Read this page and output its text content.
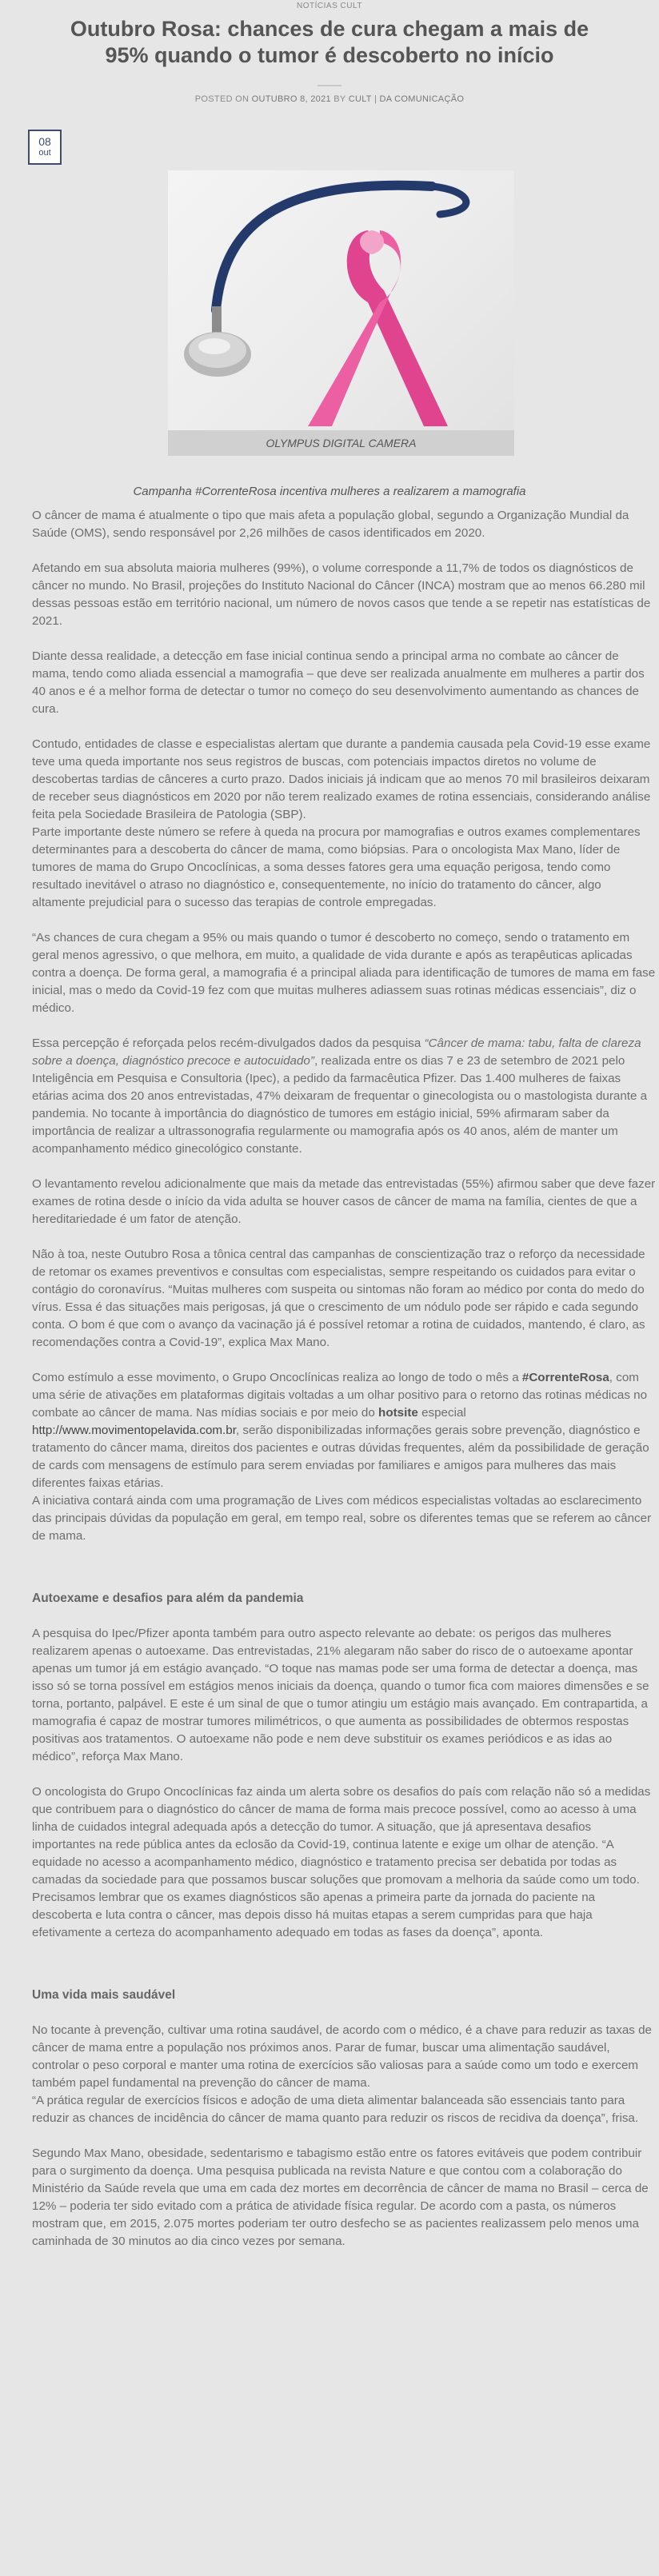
NOTÍCIAS CULT
Outubro Rosa: chances de cura chegam a mais de 95% quando o tumor é descoberto no início
POSTED ON OUTUBRO 8, 2021 BY CULT | DA COMUNICAÇÃO
08
out
OLYMPUS DIGITAL CAMERA
Campanha #CorrenteRosa incentiva mulheres a realizarem a mamografia

O câncer de mama é atualmente o tipo que mais afeta a população global, segundo a Organização Mundial da Saúde (OMS), sendo responsável por 2,26 milhões de casos identificados em 2020.

Afetando em sua absoluta maioria mulheres (99%), o volume corresponde a 11,7% de todos os diagnósticos de câncer no mundo. No Brasil, projeções do Instituto Nacional do Câncer (INCA) mostram que ao menos 66.280 mil dessas pessoas estão em território nacional, um número de novos casos que tende a se repetir nas estatísticas de 2021.

Diante dessa realidade, a detecção em fase inicial continua sendo a principal arma no combate ao câncer de mama, tendo como aliada essencial a mamografia – que deve ser realizada anualmente em mulheres a partir dos 40 anos e é a melhor forma de detectar o tumor no começo do seu desenvolvimento aumentando as chances de cura.

Contudo, entidades de classe e especialistas alertam que durante a pandemia causada pela Covid-19 esse exame teve uma queda importante nos seus registros de buscas, com potenciais impactos diretos no volume de descobertas tardias de cânceres a curto prazo. Dados iniciais já indicam que ao menos 70 mil brasileiros deixaram de receber seus diagnósticos em 2020 por não terem realizado exames de rotina essenciais, considerando análise feita pela Sociedade Brasileira de Patologia (SBP).

Parte importante deste número se refere à queda na procura por mamografias e outros exames complementares determinantes para a descoberta do câncer de mama, como biópsias. Para o oncologista Max Mano, líder de tumores de mama do Grupo Oncoclínicas, a soma desses fatores gera uma equação perigosa, tendo como resultado inevitável o atraso no diagnóstico e, consequentemente, no início do tratamento do câncer, algo altamente prejudicial para o sucesso das terapias de controle empregadas.

“As chances de cura chegam a 95% ou mais quando o tumor é descoberto no começo, sendo o tratamento em geral menos agressivo, o que melhora, em muito, a qualidade de vida durante e após as terapêuticas aplicadas contra a doença. De forma geral, a mamografia é a principal aliada para identificação de tumores de mama em fase inicial, mas o medo da Covid-19 fez com que muitas mulheres adiassem suas rotinas médicas essenciais”, diz o médico.

Essa percepção é reforçada pelos recém-divulgados dados da pesquisa “Câncer de mama: tabu, falta de clareza sobre a doença, diagnóstico precoce e autocuidado”, realizada entre os dias 7 e 23 de setembro de 2021 pelo Inteligência em Pesquisa e Consultoria (Ipec), a pedido da farmacêutica Pfizer. Das 1.400 mulheres de faixas etárias acima dos 20 anos entrevistadas, 47% deixaram de frequentar o ginecologista ou o mastologista durante a pandemia. No tocante à importância do diagnóstico de tumores em estágio inicial, 59% afirmaram saber da importância de realizar a ultrassonografia regularmente ou mamografia após os 40 anos, além de manter um acompanhamento médico ginecológico constante.

O levantamento revelou adicionalmente que mais da metade das entrevistadas (55%) afirmou saber que deve fazer exames de rotina desde o início da vida adulta se houver casos de câncer de mama na família, cientes de que a hereditariedade é um fator de atenção.

Não à toa, neste Outubro Rosa a tônica central das campanhas de conscientização traz o reforço da necessidade de retomar os exames preventivos e consultas com especialistas, sempre respeitando os cuidados para evitar o contágio do coronavírus. “Muitas mulheres com suspeita ou sintomas não foram ao médico por conta do medo do vírus. Essa é das situações mais perigosas, já que o crescimento de um nódulo pode ser rápido e cada segundo conta. O bom é que com o avanço da vacinação já é possível retomar a rotina de cuidados, mantendo, é claro, as recomendações contra a Covid-19”, explica Max Mano.

Como estímulo a esse movimento, o Grupo Oncoclínicas realiza ao longo de todo o mês a #CorrenteRosa, com uma série de ativações em plataformas digitais voltadas a um olhar positivo para o retorno das rotinas médicas no combate ao câncer de mama. Nas mídias sociais e por meio do hotsite especial http://www.movimentopelavida.com.br, serão disponibilizadas informações gerais sobre prevenção, diagnóstico e tratamento do câncer mama, direitos dos pacientes e outras dúvidas frequentes, além da possibilidade de geração de cards com mensagens de estímulo para serem enviadas por familiares e amigos para mulheres das mais diferentes faixas etárias.

A iniciativa contará ainda com uma programação de Lives com médicos especialistas voltadas ao esclarecimento das principais dúvidas da população em geral, em tempo real, sobre os diferentes temas que se referem ao câncer de mama.

Autoexame e desafios para além da pandemia

A pesquisa do Ipec/Pfizer aponta também para outro aspecto relevante ao debate: os perigos das mulheres realizarem apenas o autoexame. Das entrevistadas, 21% alegaram não saber do risco de o autoexame apontar apenas um tumor já em estágio avançado. “O toque nas mamas pode ser uma forma de detectar a doença, mas isso só se torna possível em estágios menos iniciais da doença, quando o tumor fica com maiores dimensões e se torna, portanto, palpável. E este é um sinal de que o tumor atingiu um estágio mais avançado. Em contrapartida, a mamografia é capaz de mostrar tumores milimétricos, o que aumenta as possibilidades de obtermos respostas positivas aos tratamentos. O autoexame não pode e nem deve substituir os exames periódicos e as idas ao médico”, reforça Max Mano.

O oncologista do Grupo Oncoclínicas faz ainda um alerta sobre os desafios do país com relação não só a medidas que contribuem para o diagnóstico do câncer de mama de forma mais precoce possível, como ao acesso à uma linha de cuidados integral adequada após a detecção do tumor. A situação, que já apresentava desafios importantes na rede pública antes da eclosão da Covid-19, continua latente e exige um olhar de atenção. “A equidade no acesso a acompanhamento médico, diagnóstico e tratamento precisa ser debatida por todas as camadas da sociedade para que possamos buscar soluções que promovam a melhoria da saúde como um todo. Precisamos lembrar que os exames diagnósticos são apenas a primeira parte da jornada do paciente na descoberta e luta contra o câncer, mas depois disso há muitas etapas a serem cumpridas para que haja efetivamente a certeza do acompanhamento adequado em todas as fases da doença”, aponta.

Uma vida mais saudável

No tocante à prevenção, cultivar uma rotina saudável, de acordo com o médico, é a chave para reduzir as taxas de câncer de mama entre a população nos próximos anos. Parar de fumar, buscar uma alimentação saudável, controlar o peso corporal e manter uma rotina de exercícios são valiosas para a saúde como um todo e exercem também papel fundamental na prevenção do câncer de mama.

“A prática regular de exercícios físicos e adoção de uma dieta alimentar balanceada são essenciais tanto para reduzir as chances de incidência do câncer de mama quanto para reduzir os riscos de recidiva da doença”, frisa.

Segundo Max Mano, obesidade, sedentarismo e tabagismo estão entre os fatores evitáveis que podem contribuir para o surgimento da doença. Uma pesquisa publicada na revista Nature e que contou com a colaboração do Ministério da Saúde revela que uma em cada dez mortes em decorrência de câncer de mama no Brasil – cerca de 12% – poderia ter sido evitado com a prática de atividade física regular. De acordo com a pasta, os números mostram que, em 2015, 2.075 mortes poderiam ter outro desfecho se as pacientes realizassem pelo menos uma caminhada de 30 minutos ao dia cinco vezes por semana.
